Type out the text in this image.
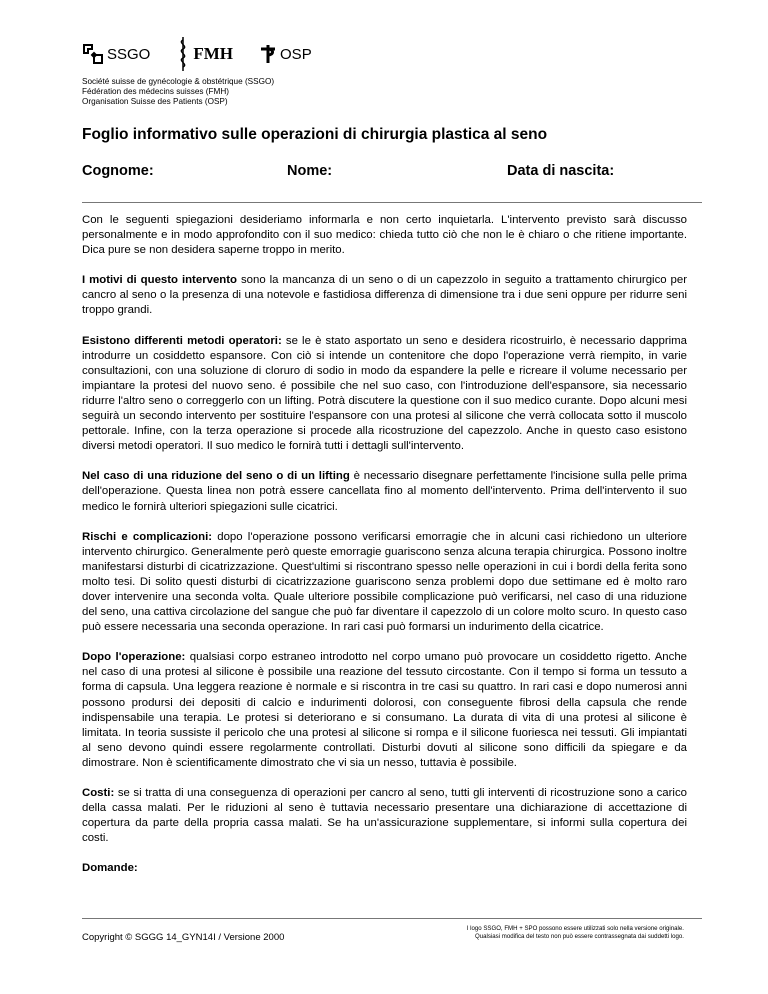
SSGO	FMH	OSP
Société suisse de gynécologie & obstétrique (SSGO)
Fédération des médecins suisses (FMH)
Organisation Suisse des Patients (OSP)
Foglio informativo sulle operazioni di chirurgia plastica al seno
Cognome:	Nome:	Data di nascita:

Con le seguenti spiegazioni desideriamo informarla e non certo inquietarla. L'intervento previsto sarà discusso personalmente e in modo approfondito con il suo medico: chieda tutto ciò che non le è chiaro o che ritiene importante. Dica pure se non desidera saperne troppo in merito.

I motivi di questo intervento sono la mancanza di un seno o di un capezzolo in seguito a trattamento chirurgico per cancro al seno o la presenza di una notevole e fastidiosa differenza di dimensione tra i due seni oppure per ridurre seni troppo grandi.

Esistono differenti metodi operatori: se le è stato asportato un seno e desidera ricostruirlo, è necessario dapprima introdurre un cosiddetto espansore. Con ciò si intende un contenitore che dopo l'operazione verrà riempito, in varie consultazioni, con una soluzione di cloruro di sodio in modo da espandere la pelle e ricreare il volume necessario per impiantare la protesi del nuovo seno. é possibile che nel suo caso, con l'introduzione dell'espansore, sia necessario ridurre l'altro seno o correggerlo con un lifting. Potrà discutere la questione con il suo medico curante. Dopo alcuni mesi seguirà un secondo intervento per sostituire l'espansore con una protesi al silicone che verrà collocata sotto il muscolo pettorale. Infine, con la terza operazione si procede alla ricostruzione del capezzolo. Anche in questo caso esistono diversi metodi operatori. Il suo medico le fornirà tutti i dettagli sull'intervento.

Nel caso di una riduzione del seno o di un lifting è necessario disegnare perfettamente l'incisione sulla pelle prima dell'operazione. Questa linea non potrà essere cancellata fino al momento dell'intervento. Prima dell'intervento il suo medico le fornirà ulteriori spiegazioni sulle cicatrici.

Rischi e complicazioni: dopo l'operazione possono verificarsi emorragie che in alcuni casi richiedono un ulteriore intervento chirurgico. Generalmente però queste emorragie guariscono senza alcuna terapia chirurgica. Possono inoltre manifestarsi disturbi di cicatrizzazione. Quest'ultimi si riscontrano spesso nelle operazioni in cui i bordi della ferita sono molto tesi. Di solito questi disturbi di cicatrizzazione guariscono senza problemi dopo due settimane ed è molto raro dover intervenire una seconda volta. Quale ulteriore possibile complicazione può verificarsi, nel caso di una riduzione del seno, una cattiva circolazione del sangue che può far diventare il capezzolo di un colore molto scuro. In questo caso può essere necessaria una seconda operazione. In rari casi può formarsi un indurimento della cicatrice.

Dopo l'operazione: qualsiasi corpo estraneo introdotto nel corpo umano può provocare un cosiddetto rigetto. Anche nel caso di una protesi al silicone è possibile una reazione del tessuto circostante. Con il tempo si forma un tessuto a forma di capsula. Una leggera reazione è normale e si riscontra in tre casi su quattro. In rari casi e dopo numerosi anni possono prodursi dei depositi di calcio e indurimenti dolorosi, con conseguente fibrosi della capsula che rende indispensabile una terapia. Le protesi si deteriorano e si consumano. La durata di vita di una protesi al silicone è limitata. In teoria sussiste il pericolo che una protesi al silicone si rompa e il silicone fuoriesca nei tessuti. Gli impiantati al seno devono quindi essere regolarmente controllati. Disturbi dovuti al silicone sono difficili da spiegare e da dimostrare. Non è scientificamente dimostrato che vi sia un nesso, tuttavia è possibile.

Costi: se si tratta di una conseguenza di operazioni per cancro al seno, tutti gli interventi di ricostruzione sono a carico della cassa malati. Per le riduzioni al seno è tuttavia necessario presentare una dichiarazione di accettazione di copertura da parte della propria cassa malati. Se ha un'assicurazione supplementare, si informi sulla copertura dei costi.

Domande:

Copyright © SGGG 14_GYN14I / Versione 2000
I logo SSGO, FMH + SPO possono essere utilizzati solo nella versione originale.
Qualsiasi modifica del testo non può essere contrassegnata dai suddetti logo.
